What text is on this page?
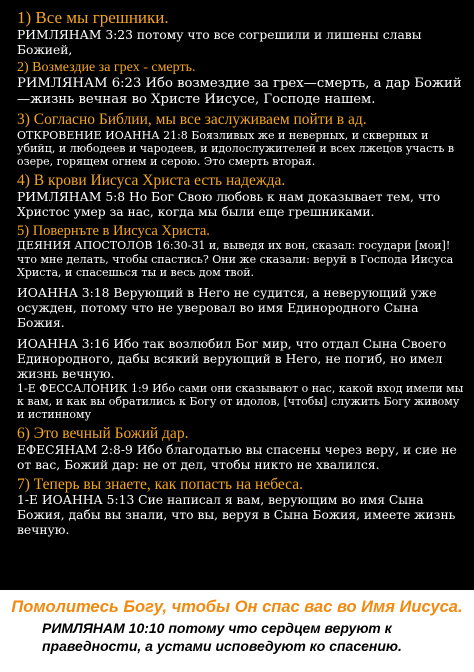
1) Все мы грешники.

РИМЛЯНАМ 3:23 потому что все согрешили и лишены славы Божией,

2) Возмездие за грех - смерть.

РИМЛЯНАМ 6:23 Ибо возмездие за грех—смерть, а дар Божий—жизнь вечная во Христе Иисусе, Господе нашем.

3) Согласно Библии, мы все заслуживаем пойти в ад.

ОТКРОВЕНИЕ ИОАННА 21:8 Боязливых же и неверных, и скверных и убийц, и любодеев и чародеев, и идолослужителей и всех лжецов участь в озере, горящем огнем и серою. Это смерть вторая.

4) В крови Иисуса Христа есть надежда.

РИМЛЯНАМ 5:8 Но Бог Свою любовь к нам доказывает тем, что Христос умер за нас, когда мы были еще грешниками.

5) Повернъте в Иисуса Христа.

ДЕЯНИЯ АПОСТОЛОВ 16:30-31 и, выведя их вон, сказал: государи [мои]! что мне делать, чтобы спастись? Они же сказали: веруй в Господа Иисуса Христа, и спасешься ты и весь дом твой.

ИОАННА 3:18 Верующий в Него не судится, а неверующий уже осужден, потому что не уверовал во имя Единородного Сына Божия.

ИОАННА 3:16 Ибо так возлюбил Бог мир, что отдал Сына Своего Единородного, дабы всякий верующий в Него, не погиб, но имел жизнь вечную.

1-Е ФЕССАЛОНИК 1:9 Ибо сами они сказывают о нас, какой вход имели мы к вам, и как вы обратились к Богу от идолов, [чтобы] служить Богу живому и истинному

6) Это вечный Божий дар.

ЕФЕСЯНАМ 2:8-9 Ибо благодатью вы спасены через веру, и сие не от вас, Божий дар: не от дел, чтобы никто не хвалился.

7) Теперь вы знаете, как попасть на небеса.

1-Е ИОАННА 5:13 Сие написал я вам, верующим во имя Сына Божия, дабы вы знали, что вы, веруя в Сына Божия, имеете жизнь вечную.

Помолитесь Богу, чтобы Он спас вас во Имя Иисуса.

РИМЛЯНАМ 10:10 потому что сердцем веруют к праведности, а устами исповедуют ко спасению.
